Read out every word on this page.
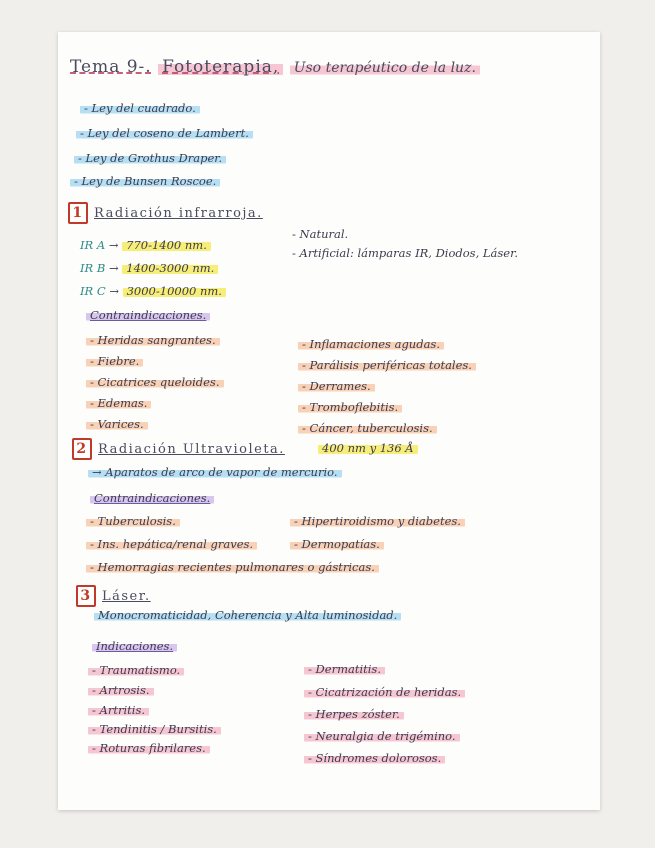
Tema 9-. Fototerapia, Uso terapéutico de la luz.
- Ley del cuadrado.
- Ley del coseno de Lambert.
- Ley de Grothus Draper.
- Ley de Bunsen Roscoe.
1 Radiación infrarroja.
IR A → 770-1400 nm.
IR B → 1400-3000 nm.
IR C → 3000-10000 nm.
- Natural.
- Artificial: lámparas IR, Diodos, Láser.
Contraindicaciones.
- Heridas sangrantes.
- Fiebre.
- Cicatrices queloides.
- Edemas.
- Varices.
- Inflamaciones agudas.
- Parálisis periféricas totales.
- Derrames.
- Tromboflebitis.
- Cáncer, tuberculosis.
2 Radiación Ultravioleta.	400 nm y 136 Å
→ Aparatos de arco de vapor de mercurio.
Contraindicaciones.
- Tuberculosis.
- Ins. hepática/renal graves.
- Hemorragias recientes pulmonares o gástricas.
- Hipertiroidismo y diabetes.
- Dermopatías.
3 Láser.
Monocromaticidad, Coherencia y Alta luminosidad.
Indicaciones.
- Traumatismo.
- Artrosis.
- Artritis.
- Tendinitis / Bursitis.
- Roturas fibrilares.
- Dermatitis.
- Cicatrización de heridas.
- Herpes zóster.
- Neuralgia de trigémino.
- Síndromes dolorosos.
